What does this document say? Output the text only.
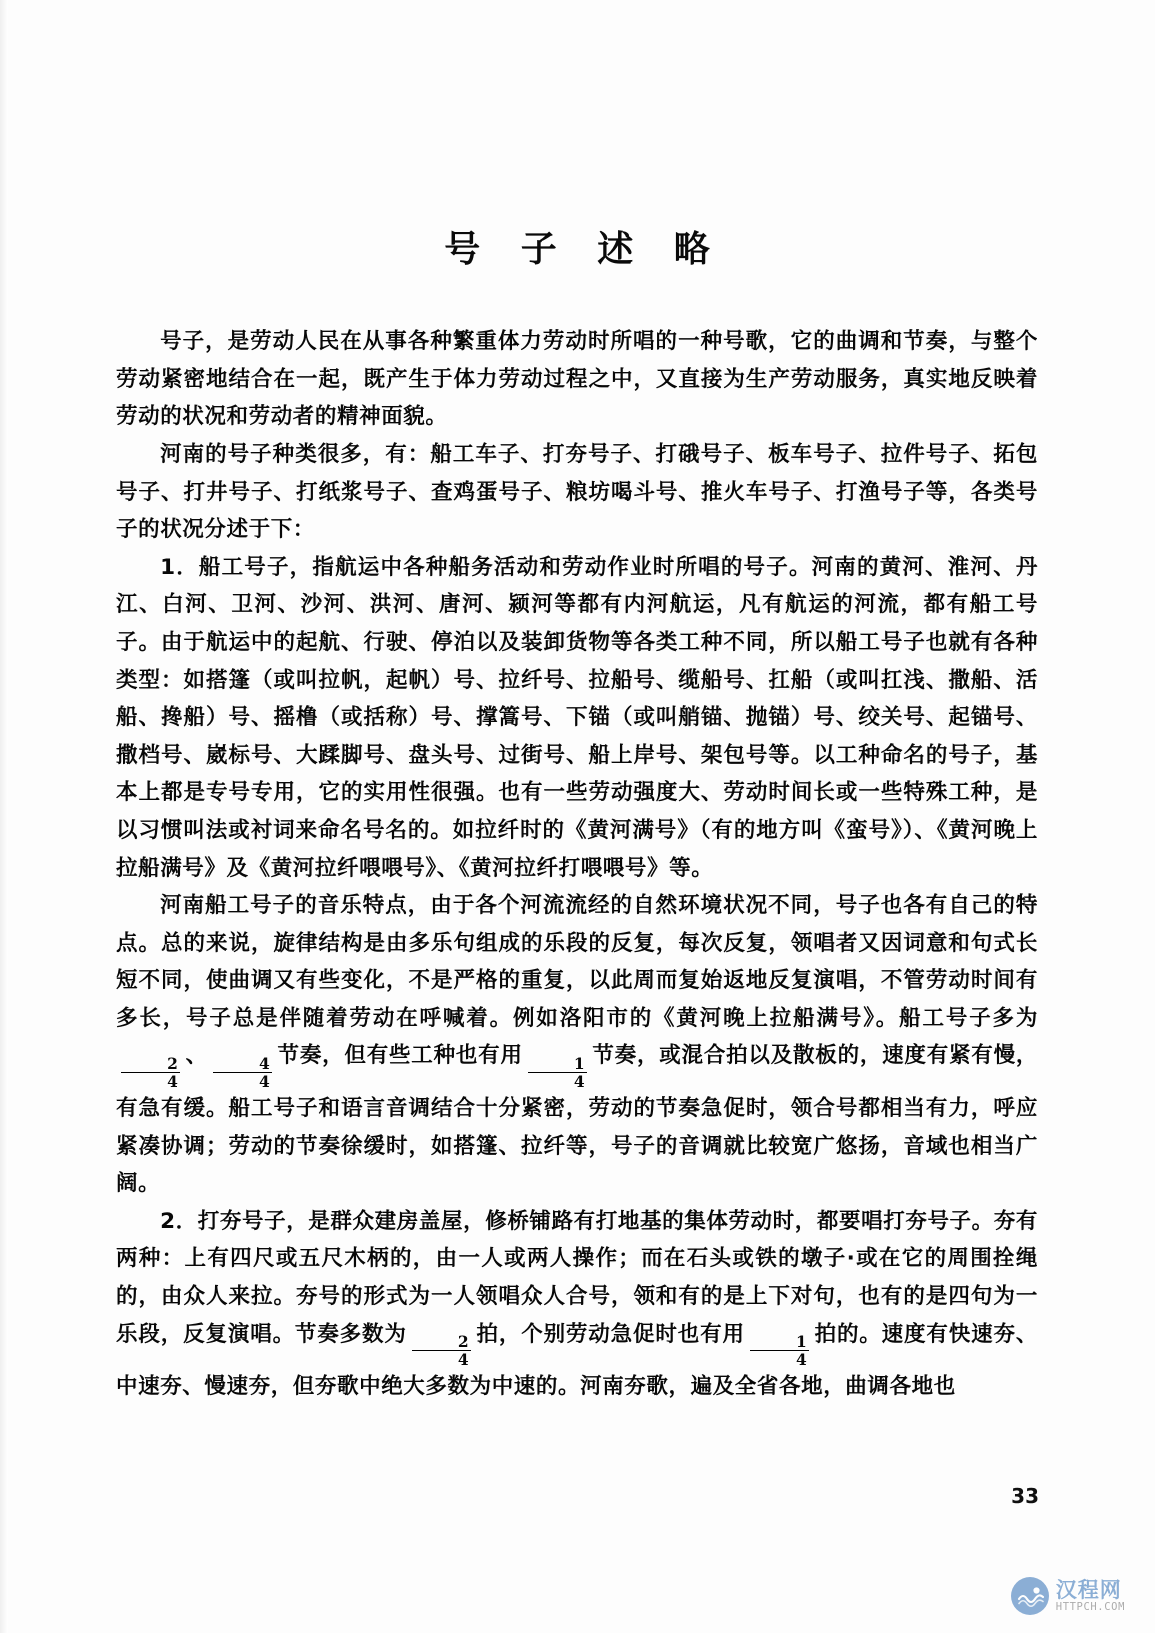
号 子 述 略

号子，是劳动人民在从事各种繁重体力劳动时所唱的一种号歌，它的曲调和节奏，与整个劳动紧密地结合在一起，既产生于体力劳动过程之中，又直接为生产劳动服务，真实地反映着劳动的状况和劳动者的精神面貌。

河南的号子种类很多，有：船工车子、打夯号子、打硪号子、板车号子、拉件号子、拓包号子、打井号子、打纸浆号子、查鸡蛋号子、粮坊喝斗号、推火车号子、打渔号子等，各类号子的状况分述于下：

1．船工号子，指航运中各种船务活动和劳动作业时所唱的号子。河南的黄河、淮河、丹江、白河、卫河、沙河、洪河、唐河、颍河等都有内河航运，凡有航运的河流，都有船工号子。由于航运中的起航、行驶、停泊以及装卸货物等各类工种不同，所以船工号子也就有各种类型：如搭篷（或叫拉帆，起帆）号、拉纤号、拉船号、缆船号、扛船（或叫扛浅、撒船、活船、搀船）号、摇橹（或括称）号、撑篙号、下锚（或叫艄锚、抛锚）号、绞关号、起锚号、撒档号、崴标号、大蹂脚号、盘头号、过街号、船上岸号、架包号等。以工种命名的号子，基本上都是专号专用，它的实用性很强。也有一些劳动强度大、劳动时间长或一些特殊工种，是以习惯叫法或衬词来命名号名的。如拉纤时的《黄河满号》（有的地方叫《蛮号》）、《黄河晚上拉船满号》及《黄河拉纤喂喂号》、《黄河拉纤打喂喂号》等。

河南船工号子的音乐特点，由于各个河流流经的自然环境状况不同，号子也各有自己的特点。总的来说，旋律结构是由多乐句组成的乐段的反复，每次反复，领唱者又因词意和句式长短不同，使曲调又有些变化，不是严格的重复，以此周而复始返地反复演唱，不管劳动时间有多长，号子总是伴随着劳动在呼喊着。例如洛阳市的《黄河晚上拉船满号》。船工号子多为
$\frac{2}{4}$ 、 $\frac{4}{4}$ 节奏，但有些工种也有用 $\frac{1}{4}$ 节奏，或混合拍以及散板的，速度有紧有慢，有急有缓。船工号子和语言音调结合十分紧密，劳动的节奏急促时，领合号都相当有力，呼应紧凑协调；劳动的节奏徐缓时，如搭篷、拉纤等，号子的音调就比较宽广悠扬，音域也相当广阔。

2．打夯号子，是群众建房盖屋，修桥铺路有打地基的集体劳动时，都要唱打夯号子。夯有两种：上有四尺或五尺木柄的，由一人或两人操作；而在石头或铁的墩子·或在它的周围拴绳的，由众人来拉。夯号的形式为一人领唱众人合号，领和有的是上下对句，也有的是四句为一乐段，反复演唱。节奏多数为 $\frac{2}{4}$ 拍，个别劳动急促时也有用 $\frac{1}{4}$ 拍的。速度有快速夯、中速夯、慢速夯，但夯歌中绝大多数为中速的。河南夯歌，遍及全省各地，曲调各地也

33
汉程网
HTTPCH.COM
